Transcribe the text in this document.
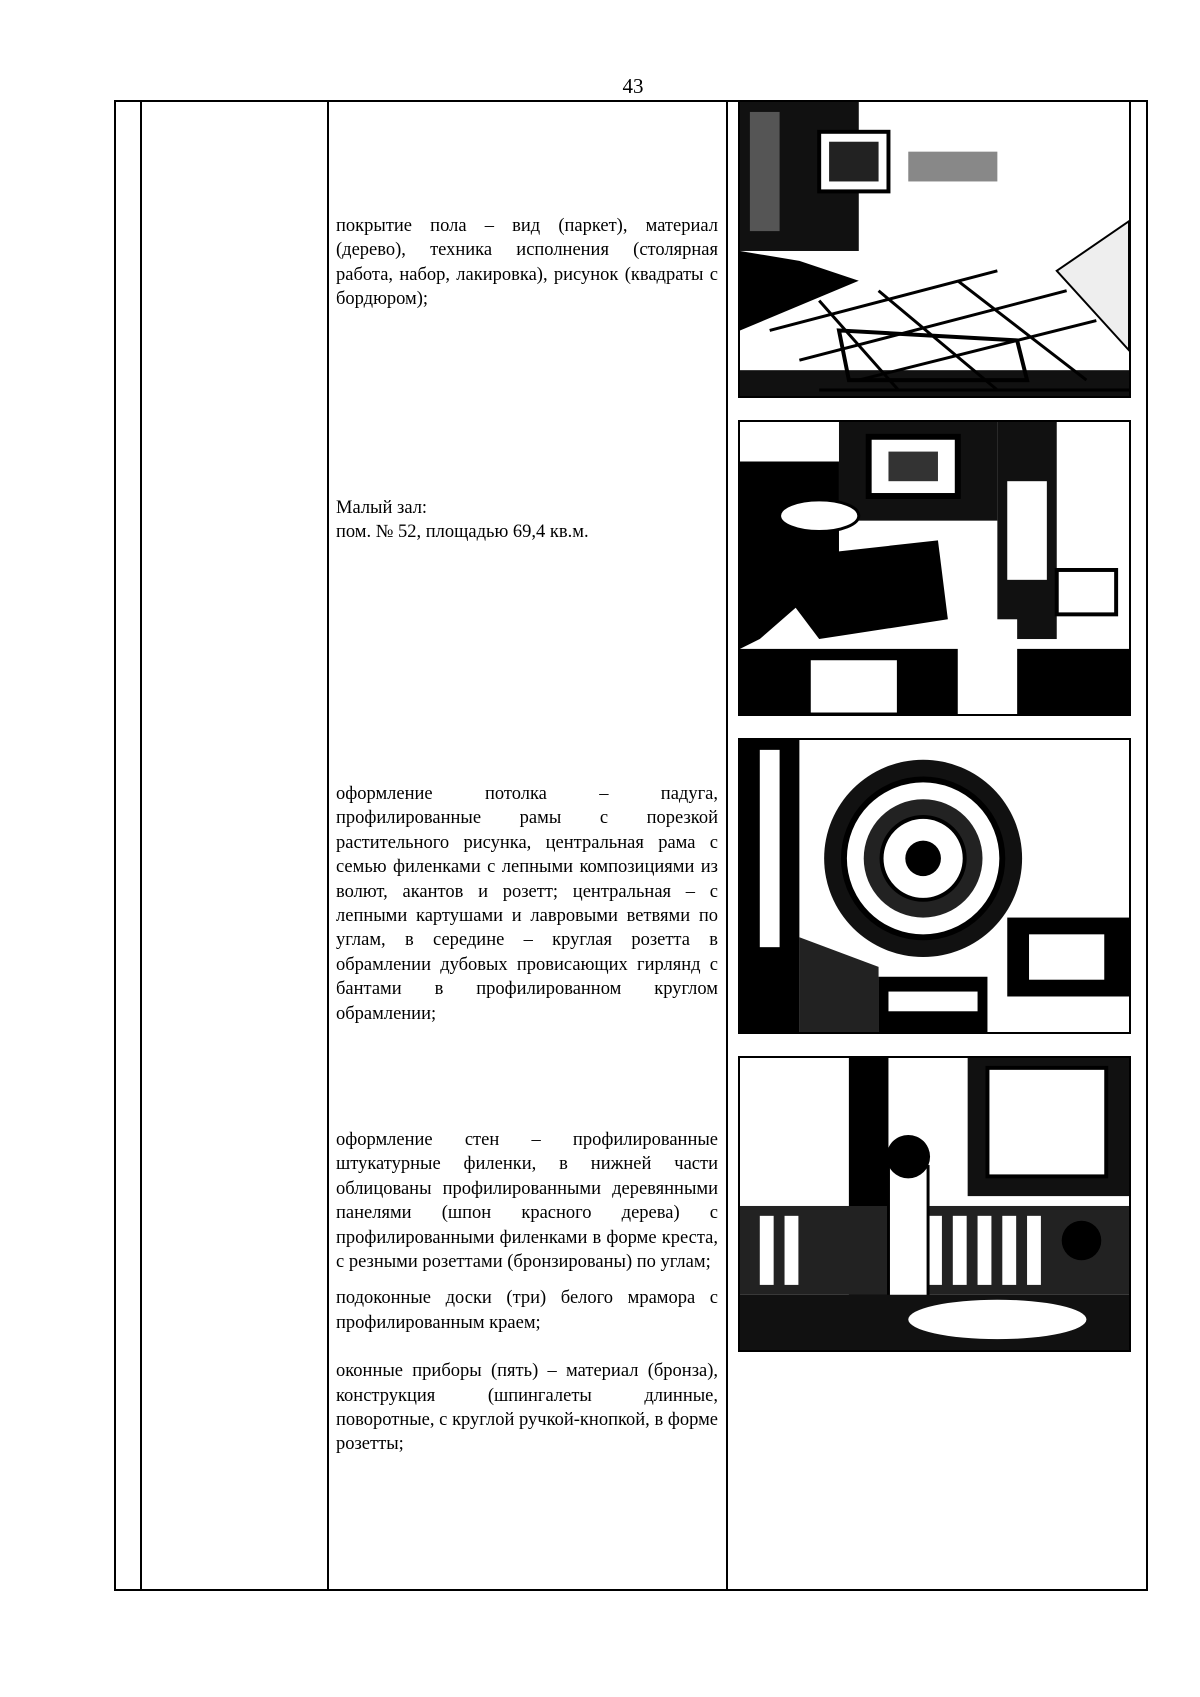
43

покрытие пола – вид (паркет), материал (дерево), техника исполнения (столярная работа, набор, лакировка), рисунок (квадраты с бордюром);

Малый зал:

пом. № 52, площадью 69,4 кв.м.

оформление потолка – падуга, профилированные рамы с порезкой растительного рисунка, центральная рама с семью филенками с лепными композициями из волют, акантов и розетт; центральная – с лепными картушами и лавровыми ветвями по углам, в середине – круглая розетта в обрамлении дубовых провисающих гирлянд с бантами в профилированном круглом обрамлении;

оформление стен – профилированные штукатурные филенки, в нижней части облицованы профилированными деревянными панелями (шпон красного дерева) с профилированными филенками в форме креста, с резными розеттами (бронзированы) по углам;

подоконные доски (три) белого мрамора с профилированным краем;

оконные приборы (пять) – материал (бронза), конструкция (шпингалеты длинные, поворотные, с круглой ручкой-кнопкой, в форме розетты;
